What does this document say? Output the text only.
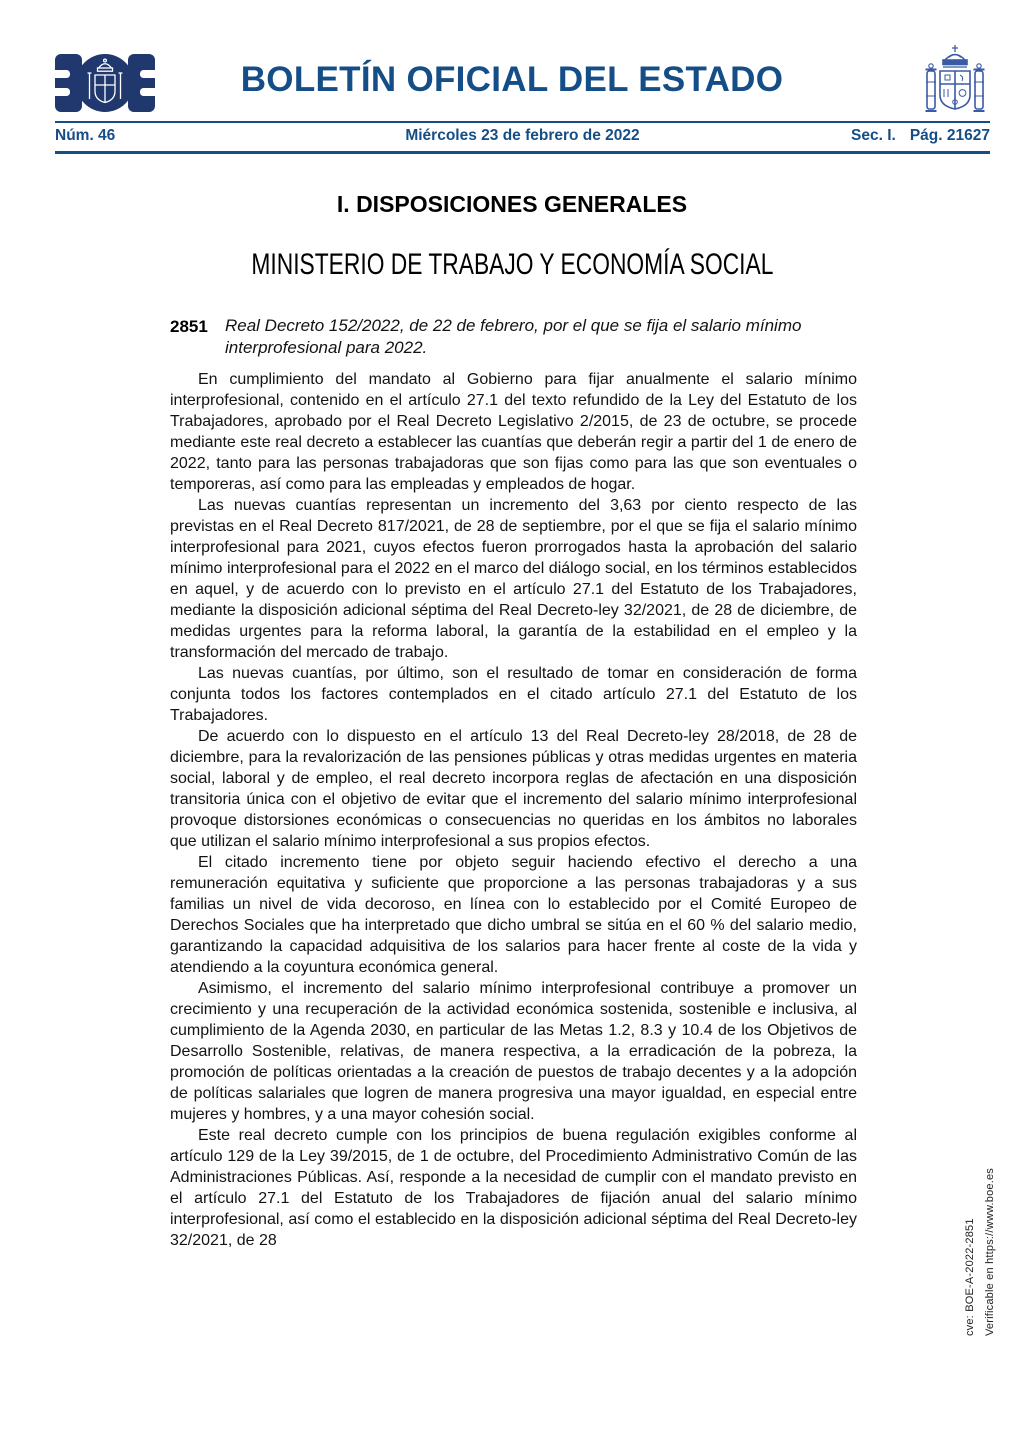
BOLETÍN OFICIAL DEL ESTADO
Núm. 46	Miércoles 23 de febrero de 2022	Sec. I. Pág. 21627
I. DISPOSICIONES GENERALES
MINISTERIO DE TRABAJO Y ECONOMÍA SOCIAL
2851 Real Decreto 152/2022, de 22 de febrero, por el que se fija el salario mínimo interprofesional para 2022.

En cumplimiento del mandato al Gobierno para fijar anualmente el salario mínimo interprofesional, contenido en el artículo 27.1 del texto refundido de la Ley del Estatuto de los Trabajadores, aprobado por el Real Decreto Legislativo 2/2015, de 23 de octubre, se procede mediante este real decreto a establecer las cuantías que deberán regir a partir del 1 de enero de 2022, tanto para las personas trabajadoras que son fijas como para las que son eventuales o temporeras, así como para las empleadas y empleados de hogar.

Las nuevas cuantías representan un incremento del 3,63 por ciento respecto de las previstas en el Real Decreto 817/2021, de 28 de septiembre, por el que se fija el salario mínimo interprofesional para 2021, cuyos efectos fueron prorrogados hasta la aprobación del salario mínimo interprofesional para el 2022 en el marco del diálogo social, en los términos establecidos en aquel, y de acuerdo con lo previsto en el artículo 27.1 del Estatuto de los Trabajadores, mediante la disposición adicional séptima del Real Decreto-ley 32/2021, de 28 de diciembre, de medidas urgentes para la reforma laboral, la garantía de la estabilidad en el empleo y la transformación del mercado de trabajo.

Las nuevas cuantías, por último, son el resultado de tomar en consideración de forma conjunta todos los factores contemplados en el citado artículo 27.1 del Estatuto de los Trabajadores.

De acuerdo con lo dispuesto en el artículo 13 del Real Decreto-ley 28/2018, de 28 de diciembre, para la revalorización de las pensiones públicas y otras medidas urgentes en materia social, laboral y de empleo, el real decreto incorpora reglas de afectación en una disposición transitoria única con el objetivo de evitar que el incremento del salario mínimo interprofesional provoque distorsiones económicas o consecuencias no queridas en los ámbitos no laborales que utilizan el salario mínimo interprofesional a sus propios efectos.

El citado incremento tiene por objeto seguir haciendo efectivo el derecho a una remuneración equitativa y suficiente que proporcione a las personas trabajadoras y a sus familias un nivel de vida decoroso, en línea con lo establecido por el Comité Europeo de Derechos Sociales que ha interpretado que dicho umbral se sitúa en el 60 % del salario medio, garantizando la capacidad adquisitiva de los salarios para hacer frente al coste de la vida y atendiendo a la coyuntura económica general.

Asimismo, el incremento del salario mínimo interprofesional contribuye a promover un crecimiento y una recuperación de la actividad económica sostenida, sostenible e inclusiva, al cumplimiento de la Agenda 2030, en particular de las Metas 1.2, 8.3 y 10.4 de los Objetivos de Desarrollo Sostenible, relativas, de manera respectiva, a la erradicación de la pobreza, la promoción de políticas orientadas a la creación de puestos de trabajo decentes y a la adopción de políticas salariales que logren de manera progresiva una mayor igualdad, en especial entre mujeres y hombres, y a una mayor cohesión social.

Este real decreto cumple con los principios de buena regulación exigibles conforme al artículo 129 de la Ley 39/2015, de 1 de octubre, del Procedimiento Administrativo Común de las Administraciones Públicas. Así, responde a la necesidad de cumplir con el mandato previsto en el artículo 27.1 del Estatuto de los Trabajadores de fijación anual del salario mínimo interprofesional, así como el establecido en la disposición adicional séptima del Real Decreto-ley 32/2021, de 28	cve: BOE-A-2022-2851 Verificable en https://www.boe.es
